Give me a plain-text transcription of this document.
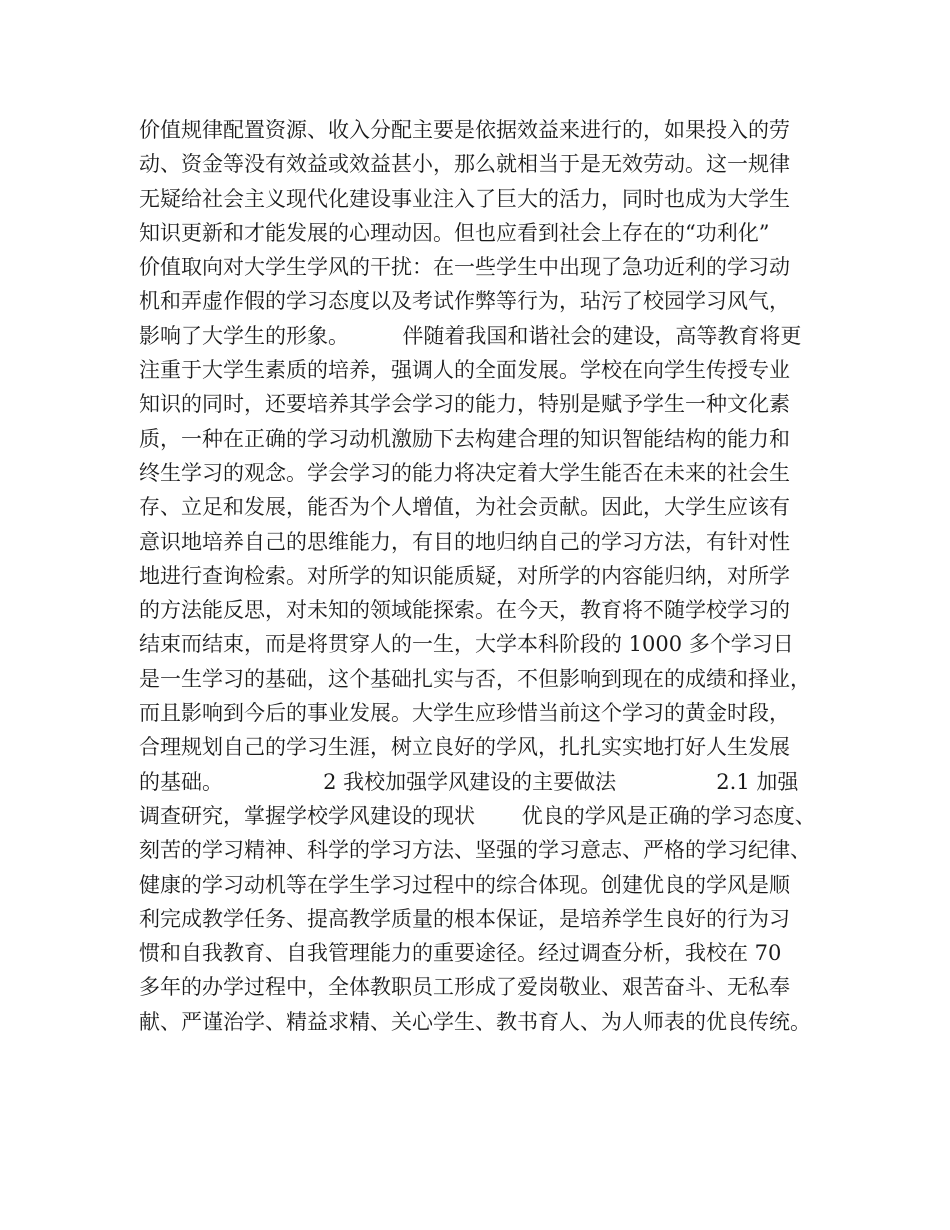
价值规律配置资源、收入分配主要是依据效益来进行的，如果投入的劳
动、资金等没有效益或效益甚小，那么就相当于是无效劳动。这一规律
无疑给社会主义现代化建设事业注入了巨大的活力，同时也成为大学生
知识更新和才能发展的心理动因。但也应看到社会上存在的“功利化”
价值取向对大学生学风的干扰：在一些学生中出现了急功近利的学习动
机和弄虚作假的学习态度以及考试作弊等行为，玷污了校园学习风气，
影响了大学生的形象。        伴随着我国和谐社会的建设，高等教育将更
注重于大学生素质的培养，强调人的全面发展。学校在向学生传授专业
知识的同时，还要培养其学会学习的能力，特别是赋予学生一种文化素
质，一种在正确的学习动机激励下去构建合理的知识智能结构的能力和
终生学习的观念。学会学习的能力将决定着大学生能否在未来的社会生
存、立足和发展，能否为个人增值，为社会贡献。因此，大学生应该有
意识地培养自己的思维能力，有目的地归纳自己的学习方法，有针对性
地进行查询检索。对所学的知识能质疑，对所学的内容能归纳，对所学
的方法能反思，对未知的领域能探索。在今天，教育将不随学校学习的
结束而结束，而是将贯穿人的一生，大学本科阶段的 1000 多个学习日
是一生学习的基础，这个基础扎实与否，不但影响到现在的成绩和择业，
而且影响到今后的事业发展。大学生应珍惜当前这个学习的黄金时段，
合理规划自己的学习生涯，树立良好的学风，扎扎实实地打好人生发展
的基础。               2 我校加强学风建设的主要做法               2.1 加强
调查研究，掌握学校学风建设的现状       优良的学风是正确的学习态度、
刻苦的学习精神、科学的学习方法、坚强的学习意志、严格的学习纪律、
健康的学习动机等在学生学习过程中的综合体现。创建优良的学风是顺
利完成教学任务、提高教学质量的根本保证，是培养学生良好的行为习
惯和自我教育、自我管理能力的重要途径。经过调查分析，我校在 70
多年的办学过程中，全体教职员工形成了爱岗敬业、艰苦奋斗、无私奉
献、严谨治学、精益求精、关心学生、教书育人、为人师表的优良传统。
